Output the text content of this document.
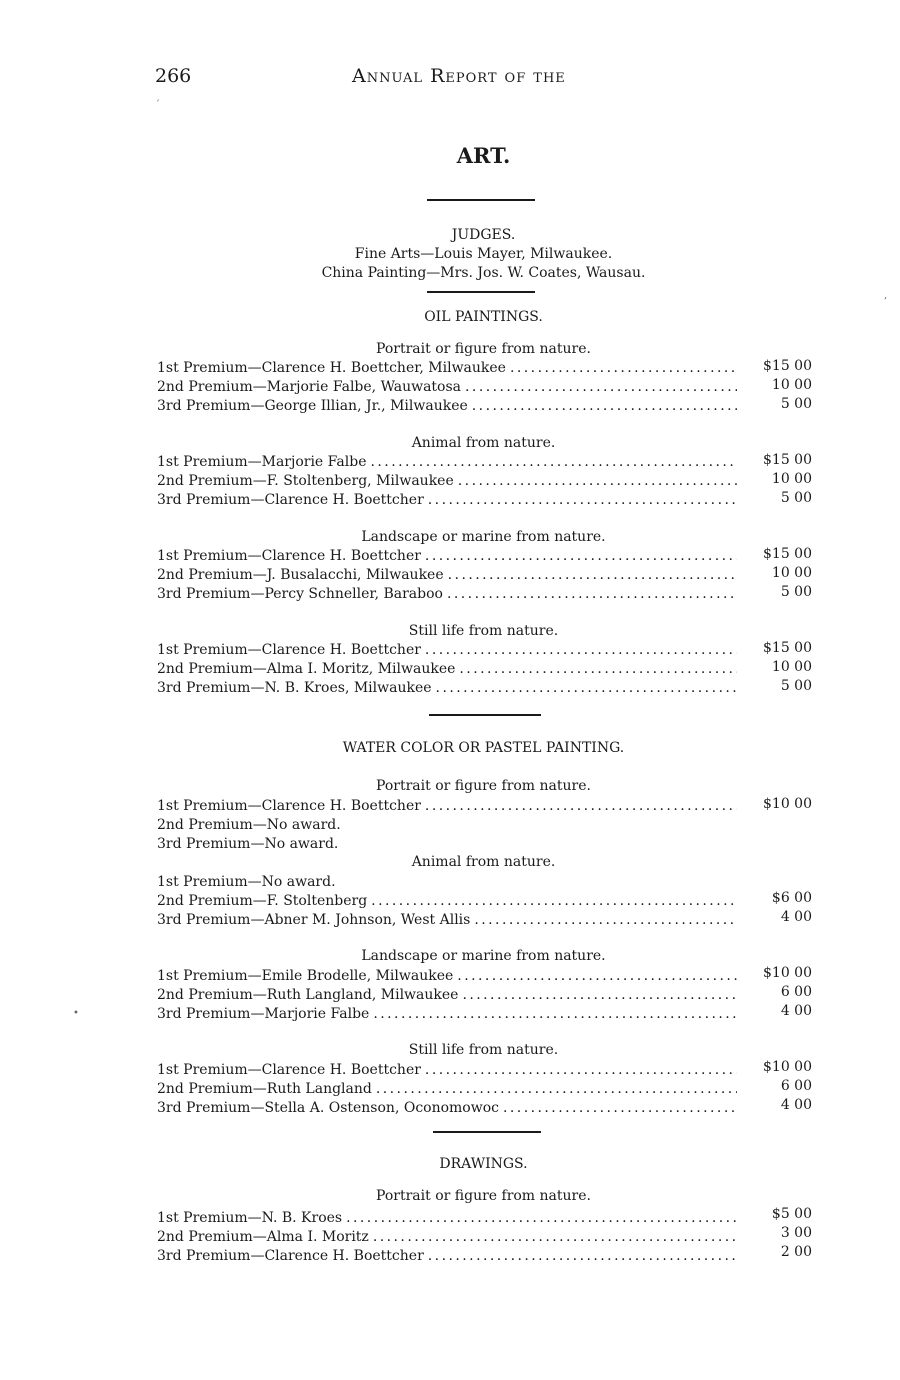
266	Annual Report of the
ART.
JUDGES.
Fine Arts—Louis Mayer, Milwaukee.
China Painting—Mrs. Jos. W. Coates, Wausau.
OIL PAINTINGS.
Portrait or figure from nature.
1st Premium—Clarence H. Boettcher, Milwaukee . . .	$15 00
2nd Premium—Marjorie Falbe, Wauwatosa . . .	10 00
3rd Premium—George Illian, Jr., Milwaukee . . .	5 00
Animal from nature.
1st Premium—Marjorie Falbe . . .	$15 00
2nd Premium—F. Stoltenberg, Milwaukee . . .	10 00
3rd Premium—Clarence H. Boettcher . . .	5 00
Landscape or marine from nature.
1st Premium—Clarence H. Boettcher . . .	$15 00
2nd Premium—J. Busalacchi, Milwaukee . . .	10 00
3rd Premium—Percy Schneller, Baraboo . . .	5 00
Still life from nature.
1st Premium—Clarence H. Boettcher . . .	$15 00
2nd Premium—Alma I. Moritz, Milwaukee . . .	10 00
3rd Premium—N. B. Kroes, Milwaukee . . .	5 00
WATER COLOR OR PASTEL PAINTING.
Portrait or figure from nature.
1st Premium—Clarence H. Boettcher . . .	$10 00
2nd Premium—No award.
3rd Premium—No award.
Animal from nature.
1st Premium—No award.
2nd Premium—F. Stoltenberg . . .	$6 00
3rd Premium—Abner M. Johnson, West Allis . . .	4 00
Landscape or marine from nature.
1st Premium—Emile Brodelle, Milwaukee . . .	$10 00
2nd Premium—Ruth Langland, Milwaukee . . .	6 00
3rd Premium—Marjorie Falbe . . .	4 00
Still life from nature.
1st Premium—Clarence H. Boettcher . . .	$10 00
2nd Premium—Ruth Langland . . .	6 00
3rd Premium—Stella A. Ostenson, Oconomowoc . . .	4 00
DRAWINGS.
Portrait or figure from nature.
1st Premium—N. B. Kroes . . .	$5 00
2nd Premium—Alma I. Moritz . . .	3 00
3rd Premium—Clarence H. Boettcher . . .	2 00
´
,
•
